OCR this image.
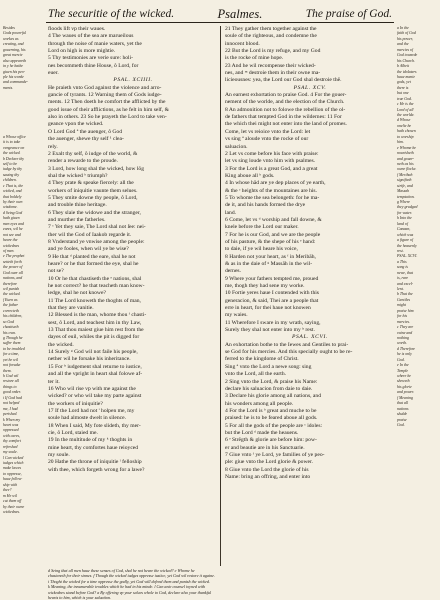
The securitie of the wicked.	Psalmes.	The praise of God.
Besides
Gods powerful
workes as
creating, and
gouerning, his
great mercie
also appeareth
in y he hathe
giuen his peo-
ple his worde
and commande-
ments.
a Whose office
it is to take
vengeance on
the wicked.
b Declare thy
self to be
iudge by thy
sauing thy
children.
c That is, the
wicked, and
that boldely
by their own
wisdome.
d Seing God
hath giuen
men eyes and
eares, wil he
not see and
heare the
wickednes
of men.
e The prophet
setteth forth
the power of
God ouer all
nations, and
therefore
wil punish
the wicked.
f Euen as
the father
correcteth
his children,
so God
chastiseth
his own.
g Though he
suffer them
to be troubled
for a time,
yet he wil
not forsake
them.
h God wil
restore all
things to
good order.
i If God had
not helped
me, I had
perished.
k When my
heart was
oppressed
with cares,
thy comfort
refreshed
my soule.
l Can wicked
iudges which
make lawes
to oppresse,
haue fellow-
ship with
thee?
m He wil
cut them off
by their owne
wickednes.
floods lift vp their waues.
4 The waues of the sea are marueilous
through the noise of manie waters, yet the
Lord on high is more mightie.
5 Thy testimonies are verie sure: holi-
nes becommeth thine House, ô Lord, for
euer.
PSAL. XCIIII.
He praieth vnto God against the violence and arro-
gancie of tyrants. 12 Warning them of Gods iudge-
ments. 12 Then doeth he comfort the afflicted by the
good issue of their afflictions, as he felt in him self, &
also in others. 23 So he prayeth the Lord to take ven-
geance vpon the wicked.
O Lord God ª the auenger, ô God
the auenger, shewe thy self ¹ clea-
rely.
2 Exalt thy self, ô iudge of the world, &
render a rewarde to the proude.
3 Lord, how long shal the wicked, how lōg
shal the wicked ᵇ triumph?
4 They prate & speake fiercely: all the
workers of iniquitie vaunte them selues.
5 They smite downe thy people, ô Lord,
and trouble thine heritage.
6 They slaie the widowe and the stranger,
and murther the fatherles.
7 ᶜ Yet they saie, The Lord shal not ſee: nei-
ther wil the God of Iaakob regarde it.
8 Vnderstand ye vnwise among the people:
and ye fooles, when wil ye be wise?
9 He that ᵈ planted the eare, shal he not
heare? or he that formed the eye, shal he
not se?
10 Or he that chastiseth the ᵉ nations, shal
he not correct? he that teacheth man know-
ledge, shal he not knowe?
11 The Lord knoweth the thoghts of man,
that they are vanitie.
12 Blessed is the man, whome thou ᶠ chasti-
sest, ô Lord, and teachest him in thy Law,
13 That thou maiest giue him rest from the
dayes of euil, whiles the pit is digged for
the wicked.
14 Surely ᵍ God wil not faile his people,
nether wil he forsake his inheritance.
15 For ʰ iudgement shal returne to iustice,
and all the vpright in heart shal folowe af-
ter it.
16 Who wil rise vp with me against the
wicked? or who wil take my parte against
the workers of iniquitie?
17 If the Lord had not ⁱ holpen me, my
soule had almoste dwelt in silence.
18 When I said, My fote slideth, thy mer-
cie, ô Lord, staied me.
19 In the multitude of my ᵏ thoghts in
mine heart, thy comfortes haue reioyced
my soule.
20 Hathe the throne of iniquitie ˡ felloship
with thee, which forgeth wrong for a lawe?
21 They gather them together against the
soule of the righteous, and condemne the
innocent blood.
22 But the Lord is my refuge, and my God
is the rocke of mine hope.
23 And he wil recompense their wicked-
nes, and ᵐ destroie them in their owne ma-
licieousnes: yea, the Lord our God shal destroie thē.
PSAL. XCV.
An earnest exhortation to praise God. 4 For the gouer-
nement of the worlde, and the election of the Church.
8 An admonition not to folowe the rebellion of the ol-
de fathers that tempted God in the wildernes: 11 For
the which thei might not enter into the land of promes.
Come, let vs reioice vnto the Lord: let
vs sing ª aloude vnto the rocke of our
saluacion.
2 Let vs come before his face with praise:
let vs sing loude vnto him with psalmes.
3 For the Lord is a great God, and a great
King aboue all ᵇ gods.
4 In whose hād are ye dep places of ye earth,
& the ᶜ heights of the mountaines are his.
5 To whome the sea belongeth: for he ma-
de it, and his hands formed the drye
land.
6 Come, let vs ᵈ worship and fall downe, &
knele before the Lord our maker.
7 For he is our God, and we are the people
of his pasture, & the shepe of his ᵉ hand:
to daie, if ye wil heare his voice,
8 Harden not your heart, as ᶠ in Meribāh,
& as in the daie of ᵍ Massāh in the wil-
dernes.
9 Where your fathers tempted me, proued
me, thogh they had sene my worke.
10 Fortie yeres haue I contended with this
generacion, & said, Thei are a people that
erre in heart, for thei haue not knowen
my waies.
11 Wherefore I sware in my wrath, saying,
Surely they shal not enter into my ʰ rest.
PSAL. XCVI.
An exhortation bothe to the Iewes and Gentiles to prai-
se God for his mercies. And this specially ought to be re-
ferred to the kingdome of Christ.
Sing ª vnto the Lord a newe song: sing
vnto the Lord, all the earth.
2 Sing vnto the Lord, & praise his Name:
declare his saluacion from daie to daie.
3 Declare his glorie among all nations, and
his wonders among all people.
4 For the Lord is ᵇ great and muche to be
praised: he is to be feared aboue all gods.
5 For all the gods of the people are ᶜ idoles:
but the Lord ᵈ made the heauens.
6 ᵉ Strēgth & glorie are before him: pow-
er and beautie are in his Sanctuarie.
7 Giue vnto ᶠ ye Lord, ye families of ye peo-
ple: giue vnto the Lord glorie & power.
8 Giue vnto the Lord the glorie of his
Name: bring an offring, and enter into
a In the
faith of God
his power,
and the
mercies of
God towarde
his Church.
b Albeit
the idolaters
haue manie
gods, yet
there is
but one
true God.
c He is the
Lord of all
the worlde.
d Whose
onelie he
hath chosen
to worship
him.
e Whome he
nourisheth
and gouer-
neth as his
owne flocke.
f Meribah
signifieth
strife, and
Massah
temptation.
g Where
they grudged
for water.
h Into the
land of
Canaan,
which was
a figure of
the heauenly
rest.
PSAL. XCVI.
a This
song is
newe, that
is, rare
and excel-
lent.
b That the
Gentiles
might
praise him
for his
mercies.
c They are
vaine and
nothing
worth.
d Therefore
he is only
God.
e In the
Temple
where he
sheweth
his glorie
and power.
f Meaning
that all
nations
shulde
praise
God.
d Seing that all men haue these senses of God, shal he not heare the wicked? e Whome he
chasteneth for their sinnes. f Though the wicked iudges oppresse iustice, yet God wil restore it againe.
i Thoght the wicked for a time oppresse the godly, yet God will defend them and punish the wicked.
k Meaning, the innumerable troubles which he had in his minde. l Can anie counsel ioyned with
wickednes stand before God? a By offering vp your selues whole to God, declare also your thankful
hearts to him, which is your saluation.
